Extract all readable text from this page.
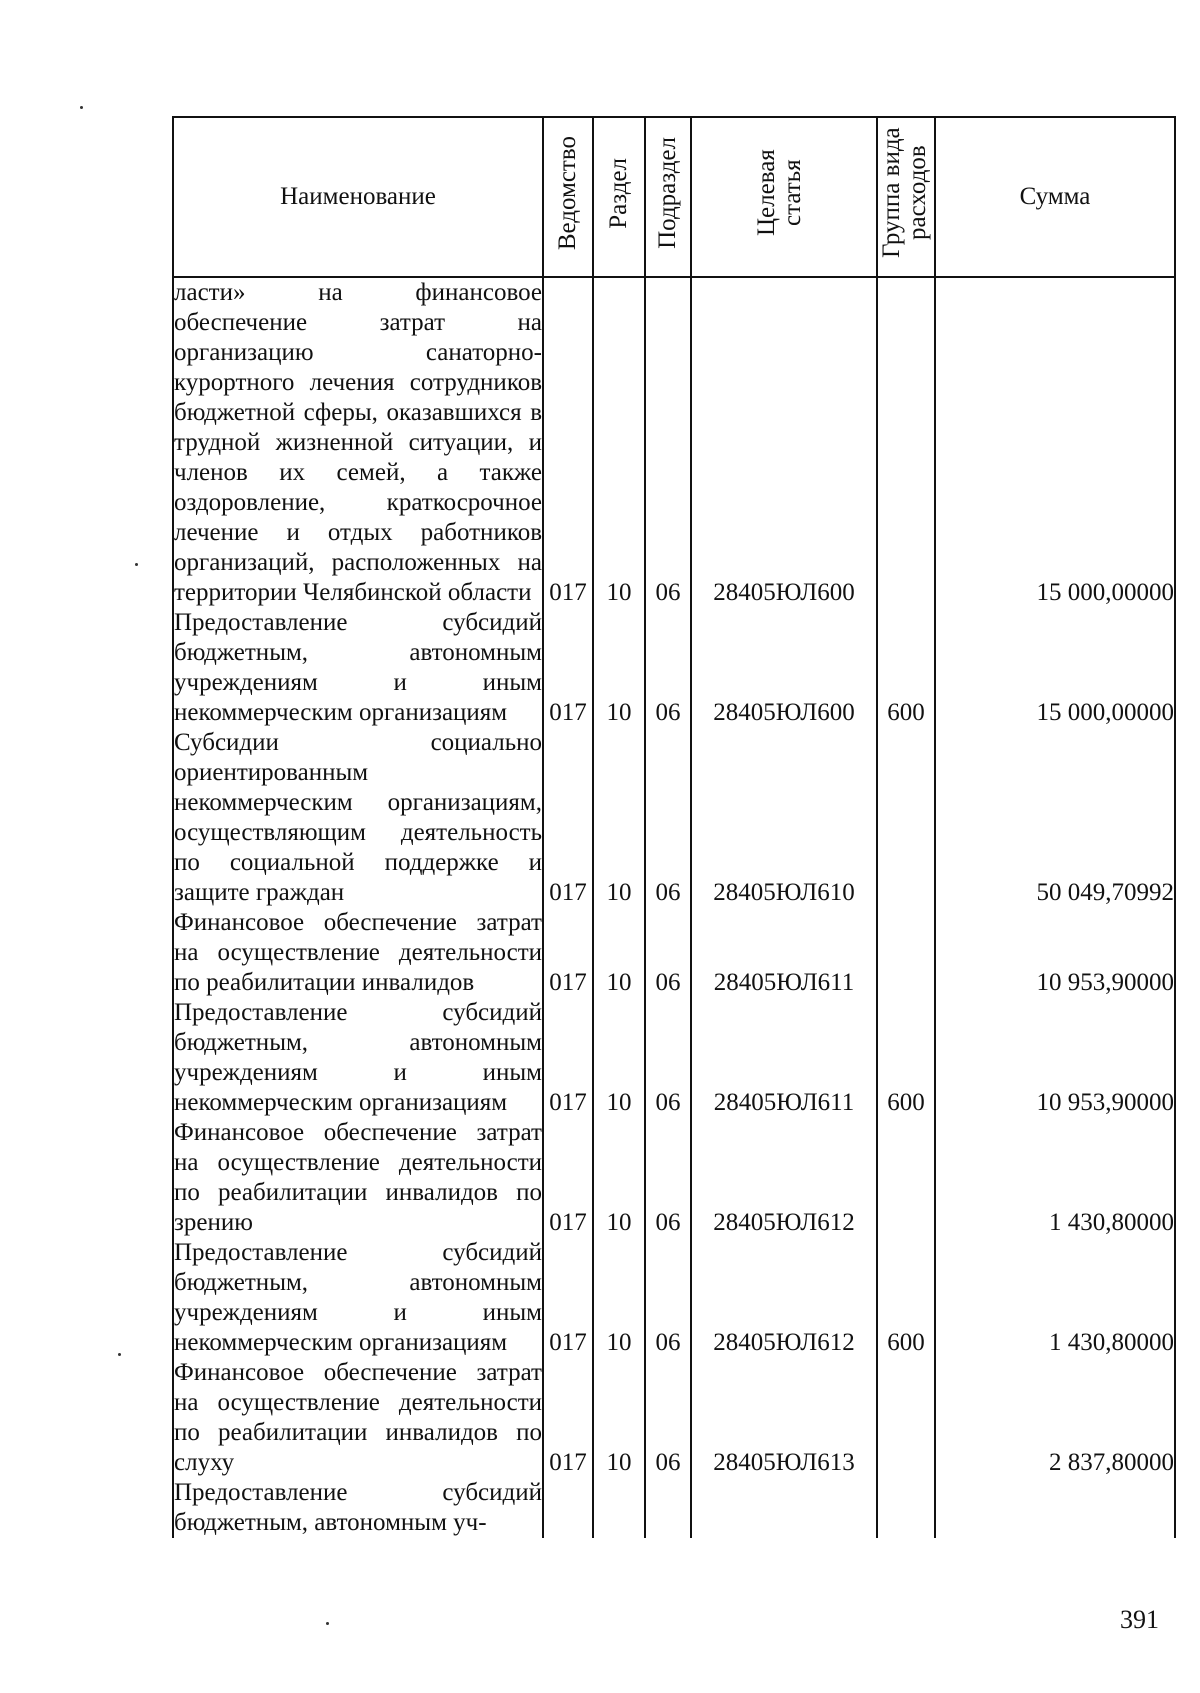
Наименование	Ведомство	Раздел	Подраздел	Целевая статья	Группа вида расходов	Сумма
ласти» на финансовое обеспечение затрат на организацию санаторно-курортного лечения сотрудников бюджетной сферы, оказавшихся в трудной жизненной ситуации, и членов их семей, а также оздоровление, краткосрочное лечение и отдых работников организаций, расположенных на территории Челябинской области	017	10	06	28405ЮЛ600		15 000,00000
Предоставление субсидий бюджетным, автономным учреждениям и иным некоммерческим организациям	017	10	06	28405ЮЛ600	600	15 000,00000
Субсидии социально ориентированным некоммерческим организациям, осуществляющим деятельность по социальной поддержке и защите граждан	017	10	06	28405ЮЛ610		50 049,70992
Финансовое обеспечение затрат на осуществление деятельности по реабилитации инвалидов	017	10	06	28405ЮЛ611		10 953,90000
Предоставление субсидий бюджетным, автономным учреждениям и иным некоммерческим организациям	017	10	06	28405ЮЛ611	600	10 953,90000
Финансовое обеспечение затрат на осуществление деятельности по реабилитации инвалидов по зрению	017	10	06	28405ЮЛ612		1 430,80000
Предоставление субсидий бюджетным, автономным учреждениям и иным некоммерческим организациям	017	10	06	28405ЮЛ612	600	1 430,80000
Финансовое обеспечение затрат на осуществление деятельности по реабилитации инвалидов по слуху	017	10	06	28405ЮЛ613		2 837,80000
Предоставление субсидий бюджетным, автономным уч-						
391
